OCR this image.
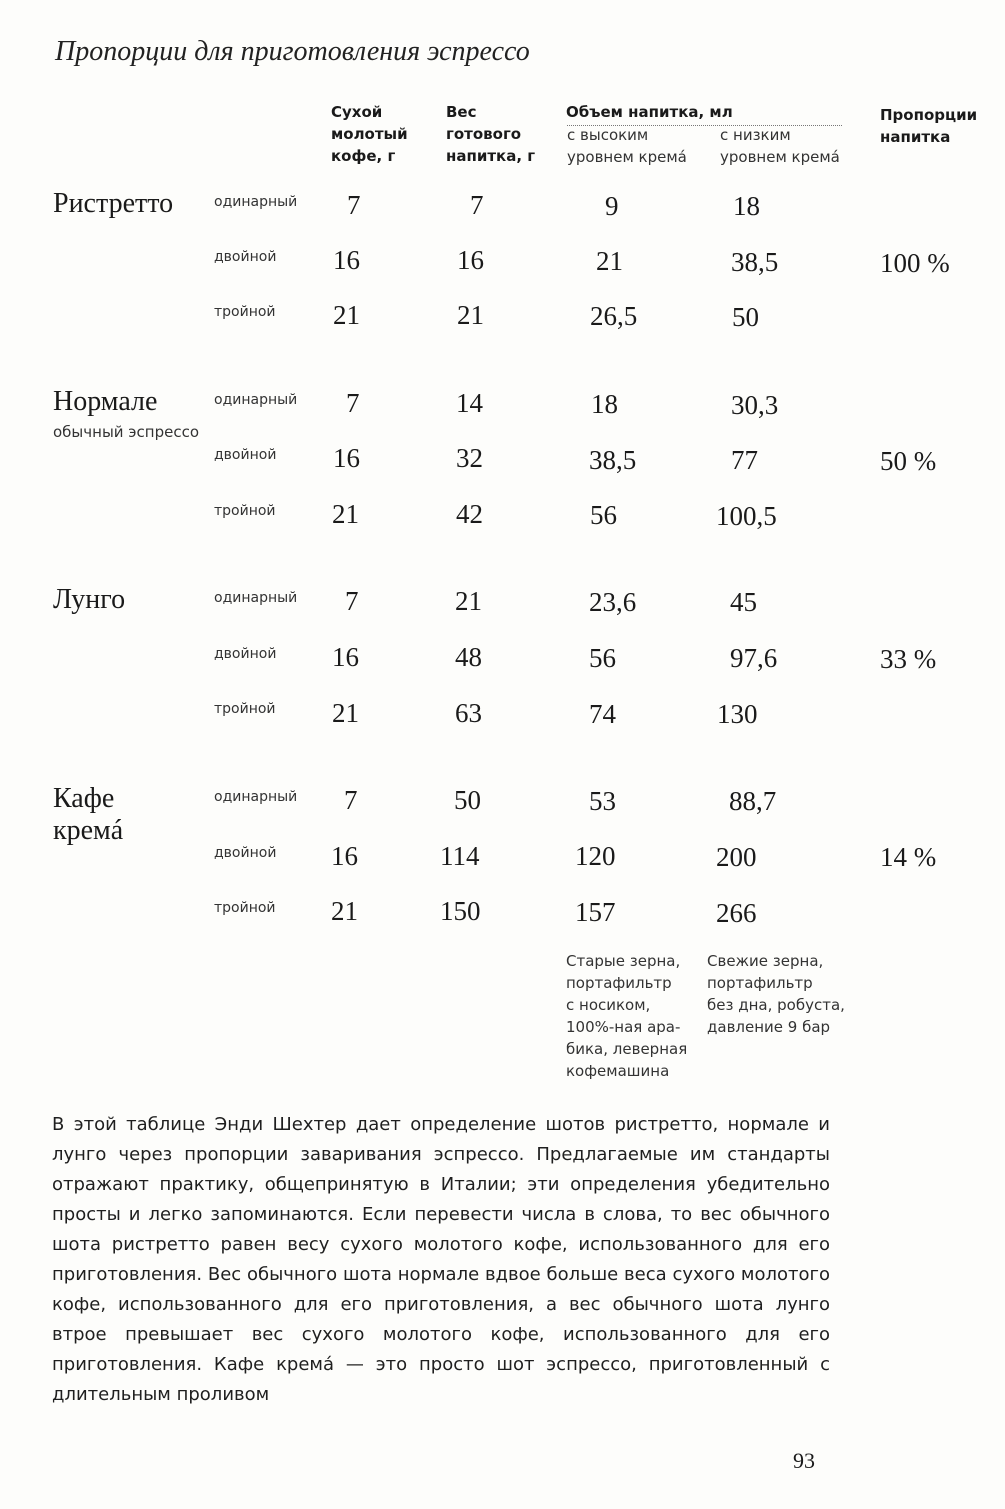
Пропорции для приготовления эспрессо
Сухой
молотый
кофе, г
Вес
готового
напитка, г
Объем напитка, мл
с высоким
уровнем кремá
с низким
уровнем кремá
Пропорции
напитка
Ристретто	одинарный
двойной
тройной
7
16
21
7
16
21
9
21
26,5
18
38,5
50
100 %
Нормале
обычный эспрессо
одинарный
двойной
тройной
7
16
21
14
32
42
18
38,5
56
30,3
77
100,5
50 %
Лунго	одинарный
двойной
тройной
7
16
21
21
48
63
23,6
56
74
45
97,6
130
33 %
Кафе
кремá
одинарный
двойной
тройной
7
16
21
50
114
150
53
120
157
88,7
200
266
14 %
Старые зерна,
портафильтр
с носиком,
100%-ная ара-
бика, леверная
кофемашина
Свежие зерна,
портафильтр
без дна, робуста,
давление 9 бар
В этой таблице Энди Шехтер дает определение шотов ристретто, нормале и лунго через пропорции заваривания эспрессо. Предлагаемые им стандарты отражают практику, общепринятую в Италии; эти определения убедительно просты и легко запоминаются. Если перевести числа в слова, то вес обычного шота ристретто равен весу сухого молотого кофе, использованного для его приготовления. Вес обычного шота нормале вдвое больше веса сухого молотого кофе, использованного для его приготовления, а вес обычного шота лунго втрое превышает вес сухого молотого кофе, использованного для его приготовления. Кафе кремá — это просто шот эспрессо, приготовленный с длительным проливом
93
